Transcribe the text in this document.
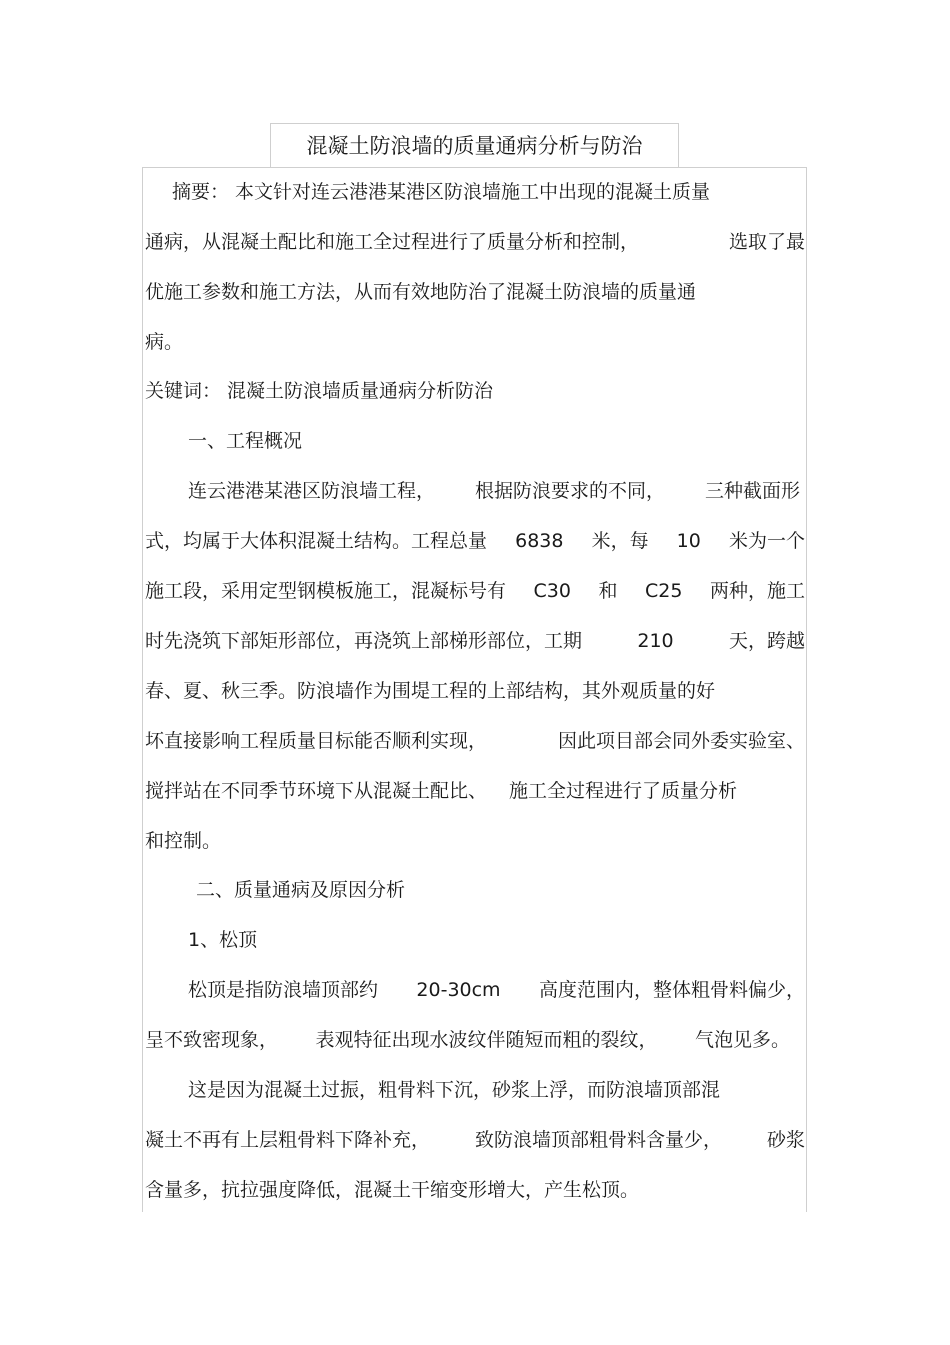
混凝土防浪墙的质量通病分析与防治
摘要： 本文针对连云港港某港区防浪墙施工中出现的混凝土质量
通病，从混凝土配比和施工全过程进行了质量分析和控制，	选取了最
优施工参数和施工方法，从而有效地防治了混凝土防浪墙的质量通
病。
关键词： 混凝土防浪墙质量通病分析防治
一、工程概况
连云港港某港区防浪墙工程， 根据防浪要求的不同， 三种截面形
式，均属于大体积混凝土结构。工程总量 6838 米，每 10 米为一个
施工段，采用定型钢模板施工，混凝标号有 C30 和 C25 两种，施工
时先浇筑下部矩形部位，再浇筑上部梯形部位，工期	210	天，跨越
春、夏、秋三季。防浪墙作为围堤工程的上部结构，其外观质量的好
坏直接影响工程质量目标能否顺利实现，	因此项目部会同外委实验室、
搅拌站在不同季节环境下从混凝土配比、 施工全过程进行了质量分析
和控制。
二、质量通病及原因分析
1、松顶
松顶是指防浪墙顶部约 20-30cm 高度范围内，整体粗骨料偏少，
呈不致密现象， 表观特征出现水波纹伴随短而粗的裂纹， 气泡见多。
这是因为混凝土过振，粗骨料下沉，砂浆上浮，而防浪墙顶部混
凝土不再有上层粗骨料下降补充， 致防浪墙顶部粗骨料含量少， 砂浆
含量多，抗拉强度降低，混凝土干缩变形增大，产生松顶。
